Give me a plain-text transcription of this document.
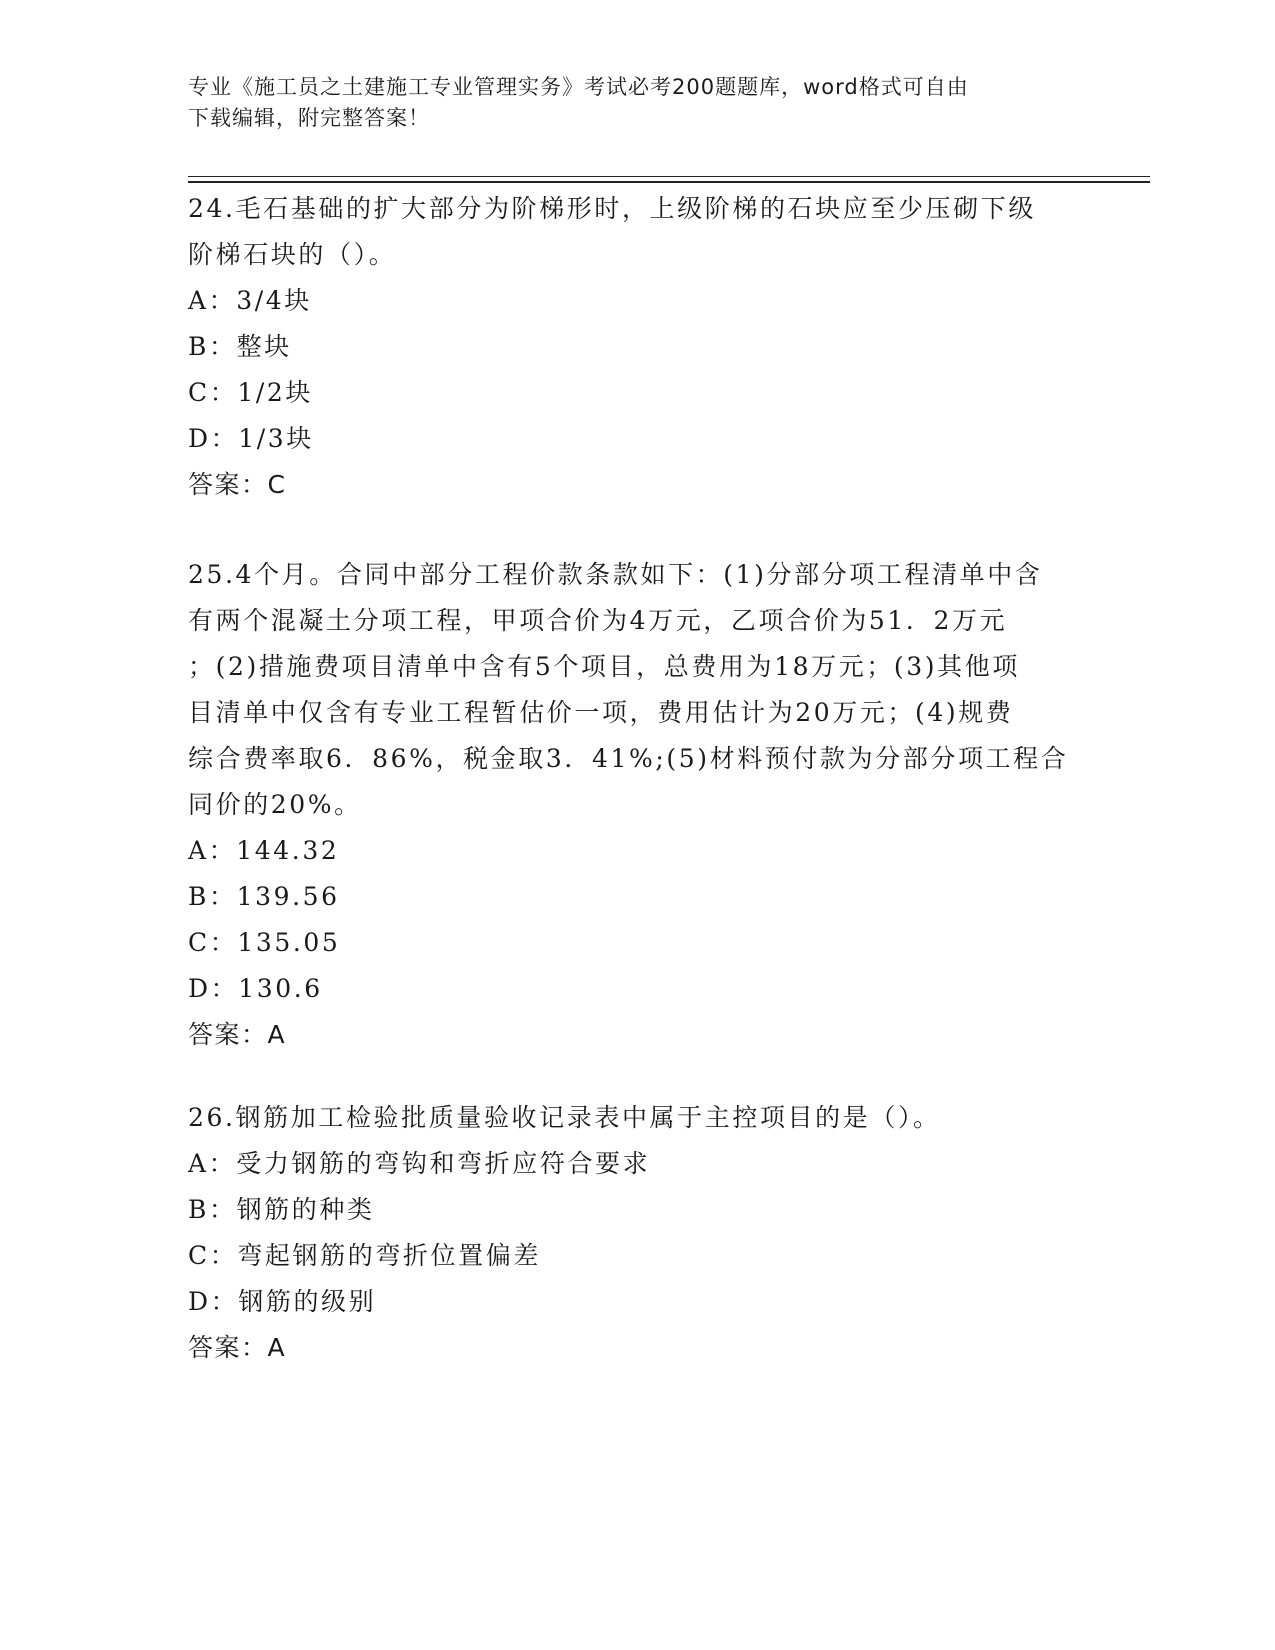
专业《施工员之土建施工专业管理实务》考试必考200题题库，word格式可自由
下载编辑，附完整答案！
24.毛石基础的扩大部分为阶梯形时，上级阶梯的石块应至少压砌下级
阶梯石块的（）。
A：3/4块
B：整块
C：1/2块
D：1/3块
答案：C
25.4个月。合同中部分工程价款条款如下：(1)分部分项工程清单中含
有两个混凝土分项工程，甲项合价为4万元，乙项合价为51．2万元
；(2)措施费项目清单中含有5个项目，总费用为18万元；(3)其他项
目清单中仅含有专业工程暂估价一项，费用估计为20万元；(4)规费
综合费率取6．86%，税金取3．41%;(5)材料预付款为分部分项工程合
同价的20%。
A：144.32
B：139.56
C：135.05
D：130.6
答案：A
26.钢筋加工检验批质量验收记录表中属于主控项目的是（）。
A：受力钢筋的弯钩和弯折应符合要求
B：钢筋的种类
C：弯起钢筋的弯折位置偏差
D：钢筋的级别
答案：A
